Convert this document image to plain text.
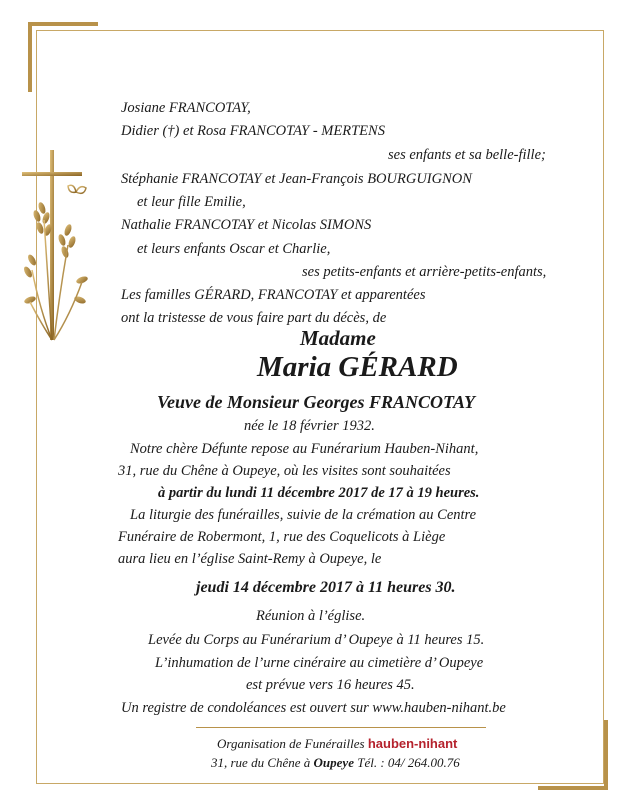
Josiane FRANCOTAY,
Didier (†) et Rosa FRANCOTAY - MERTENS
ses enfants et sa belle-fille;
Stéphanie FRANCOTAY et Jean-François BOURGUIGNON
et leur fille Emilie,
Nathalie FRANCOTAY et Nicolas SIMONS
et leurs enfants Oscar et Charlie,
ses petits-enfants et arrière-petits-enfants,
Les familles GÉRARD, FRANCOTAY et apparentées
ont la tristesse de vous faire part du décès, de
Madame
Maria GÉRARD
Veuve de Monsieur Georges FRANCOTAY
née le 18 février 1932.
Notre chère Défunte repose au Funérarium Hauben-Nihant,
31, rue du Chêne à Oupeye, où les visites sont souhaitées
à partir du lundi 11 décembre 2017 de 17 à 19 heures.
La liturgie des funérailles, suivie de la crémation au Centre
Funéraire de Robermont, 1, rue des Coquelicots à Liège
aura lieu en l’église Saint-Remy à Oupeye, le
jeudi 14 décembre 2017 à 11 heures 30.
Réunion à l’église.
Levée du Corps au Funérarium d’ Oupeye à 11 heures 15.
L’inhumation de l’urne cinéraire au cimetière d’ Oupeye
est prévue vers 16 heures 45.
Un registre de condoléances est ouvert sur www.hauben-nihant.be
Organisation de Funérailles hauben-nihant
31, rue du Chêne à Oupeye Tél. : 04/ 264.00.76
